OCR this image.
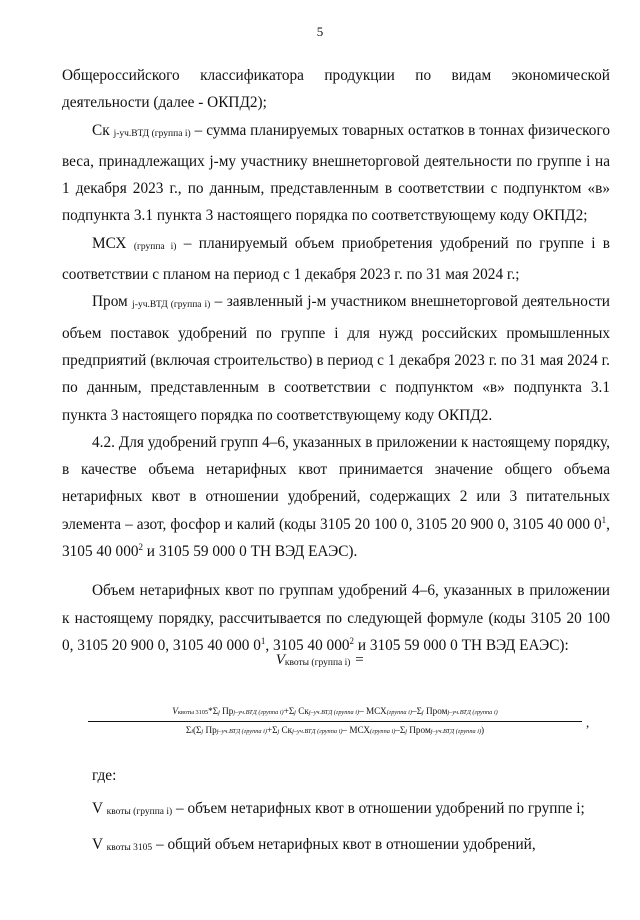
5

Общероссийского классификатора продукции по видам экономической деятельности (далее - ОКПД2);

Ск j-уч.ВТД (группа i) – сумма планируемых товарных остатков в тоннах физического веса, принадлежащих j-му участнику внешнеторговой деятельности по группе i на 1 декабря 2023 г., по данным, представленным в соответствии с подпунктом «в» подпункта 3.1 пункта 3 настоящего порядка по соответствующему коду ОКПД2;

МСХ (группа i) – планируемый объем приобретения удобрений по группе i в соответствии с планом на период с 1 декабря 2023 г. по 31 мая 2024 г.;

Пром j-уч.ВТД (группа i) – заявленный j-м участником внешнеторговой деятельности объем поставок удобрений по группе i для нужд российских промышленных предприятий (включая строительство) в период с 1 декабря 2023 г. по 31 мая 2024 г. по данным, представленным в соответствии с подпунктом «в» подпункта 3.1 пункта 3 настоящего порядка по соответствующему коду ОКПД2.

4.2. Для удобрений групп 4–6, указанных в приложении к настоящему порядку, в качестве объема нетарифных квот принимается значение общего объема нетарифных квот в отношении удобрений, содержащих 2 или 3 питательных элемента – азот, фосфор и калий (коды 3105 20 100 0, 3105 20 900 0, 3105 40 000 $0^1$, 3105 40 $000^2$ и 3105 59 000 0 ТН ВЭД ЕАЭС).

Объем нетарифных квот по группам удобрений 4–6, указанных в приложении к настоящему порядку, рассчитывается по следующей формуле (коды 3105 20 100 0, 3105 20 900 0, 3105 40 000 $0^1$, 3105 40 $000^2$ и 3105 59 000 0 ТН ВЭД ЕАЭС):

Vквоты (группа i) =
Vквоты 3105*Σj Прj–уч.ВТД (группа i)+Σj Скj–уч.ВТД (группа i)– МСХ(группа i)–Σj Промj–уч.ВТД (группа i)
Σi(Σj Прj–уч.ВТД (группа i)+Σj Скj–уч.ВТД (группа i)– МСХ(группа i)–Σj Промj–уч.ВТД (группа i))	,

где:

V квоты (группа i) – объем нетарифных квот в отношении удобрений по группе i;

V квоты 3105 – общий объем нетарифных квот в отношении удобрений,
